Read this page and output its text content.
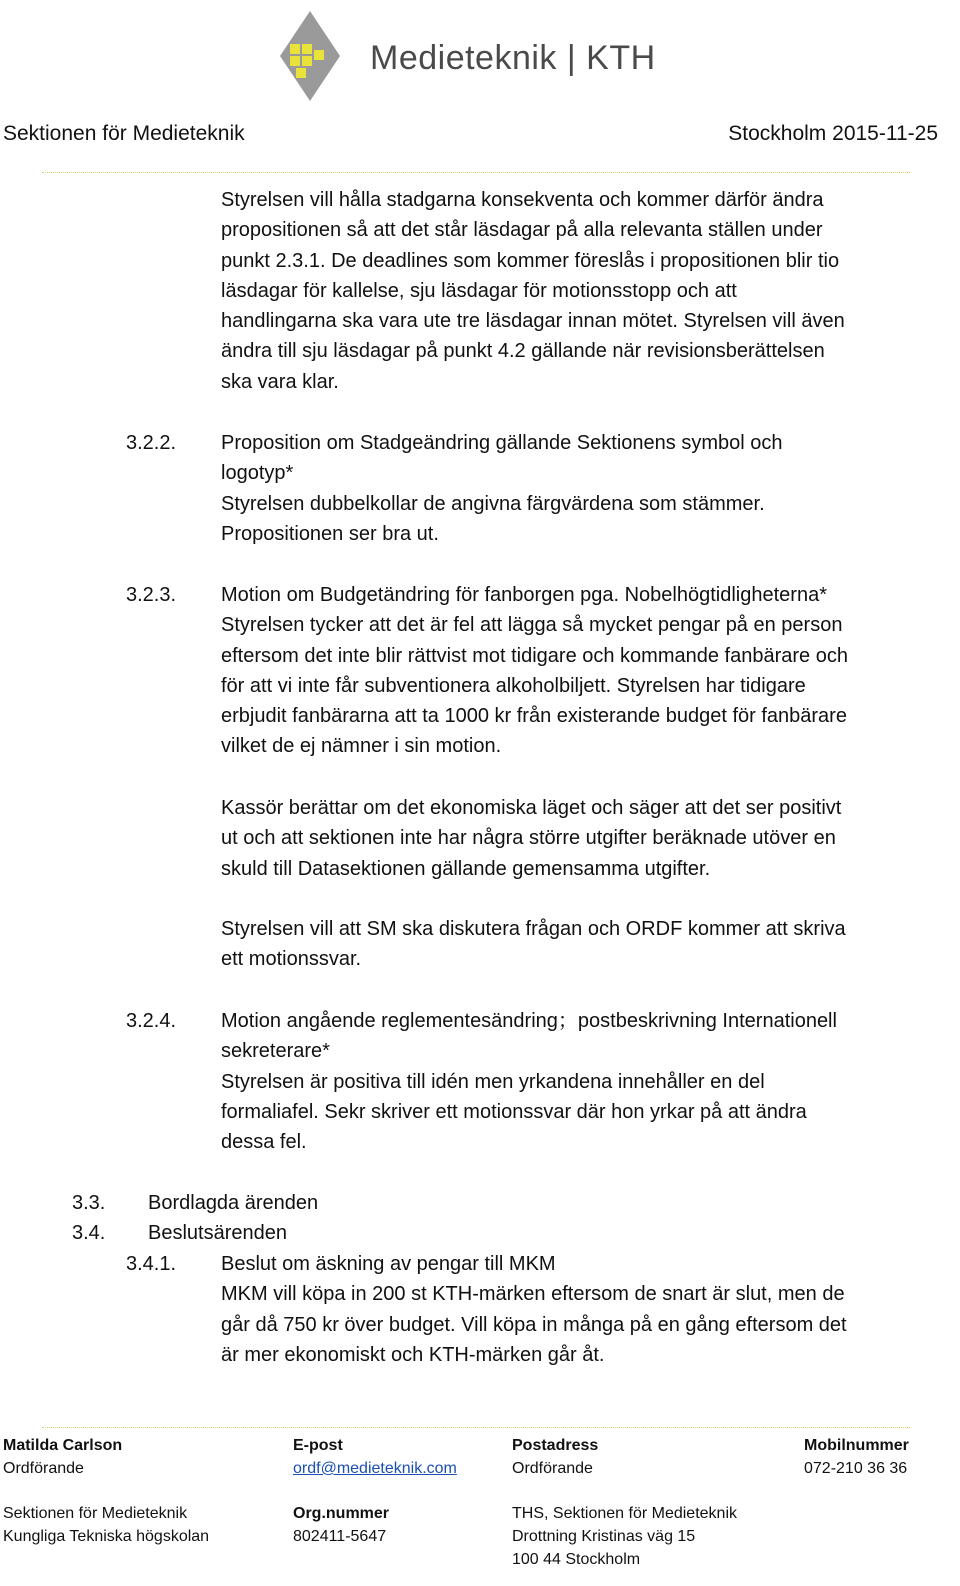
Medieteknik | KTH
Sektionen för Medieteknik	Stockholm 2015-11-25
Styrelsen vill hålla stadgarna konsekventa och kommer därför ändra
propositionen så att det står läsdagar på alla relevanta ställen under
punkt 2.3.1. De deadlines som kommer föreslås i propositionen blir tio
läsdagar för kallelse, sju läsdagar för motionsstopp och att
handlingarna ska vara ute tre läsdagar innan mötet. Styrelsen vill även
ändra till sju läsdagar på punkt 4.2 gällande när revisionsberättelsen
ska vara klar.
3.2.2. Proposition om Stadgeändring gällande Sektionens symbol och
logotyp*
Styrelsen dubbelkollar de angivna färgvärdena som stämmer.
Propositionen ser bra ut.
3.2.3. Motion om Budgetändring för fanborgen pga. Nobelhögtidligheterna*
Styrelsen tycker att det är fel att lägga så mycket pengar på en person
eftersom det inte blir rättvist mot tidigare och kommande fanbärare och
för att vi inte får subventionera alkoholbiljett. Styrelsen har tidigare
erbjudit fanbärarna att ta 1000 kr från existerande budget för fanbärare
vilket de ej nämner i sin motion.
Kassör berättar om det ekonomiska läget och säger att det ser positivt
ut och att sektionen inte har några större utgifter beräknade utöver en
skuld till Datasektionen gällande gemensamma utgifter.
Styrelsen vill att SM ska diskutera frågan och ORDF kommer att skriva
ett motionssvar.
3.2.4. Motion angående reglementesändring；postbeskrivning Internationell
sekreterare*
Styrelsen är positiva till idén men yrkandena innehåller en del
formaliafel. Sekr skriver ett motionssvar där hon yrkar på att ändra
dessa fel.
3.3. Bordlagda ärenden
3.4. Beslutsärenden
3.4.1. Beslut om äskning av pengar till MKM
MKM vill köpa in 200 st KTH-märken eftersom de snart är slut, men de
går då 750 kr över budget. Vill köpa in många på en gång eftersom det
är mer ekonomiskt och KTH-märken går åt.
Matilda Carlson
Ordförande
Sektionen för Medieteknik
Kungliga Tekniska högskolan
E-post
ordf@medieteknik.com
Org.nummer
802411-5647
Postadress
Ordförande
THS, Sektionen för Medieteknik
Drottning Kristinas väg 15
100 44 Stockholm
Mobilnummer
072-210 36 36
